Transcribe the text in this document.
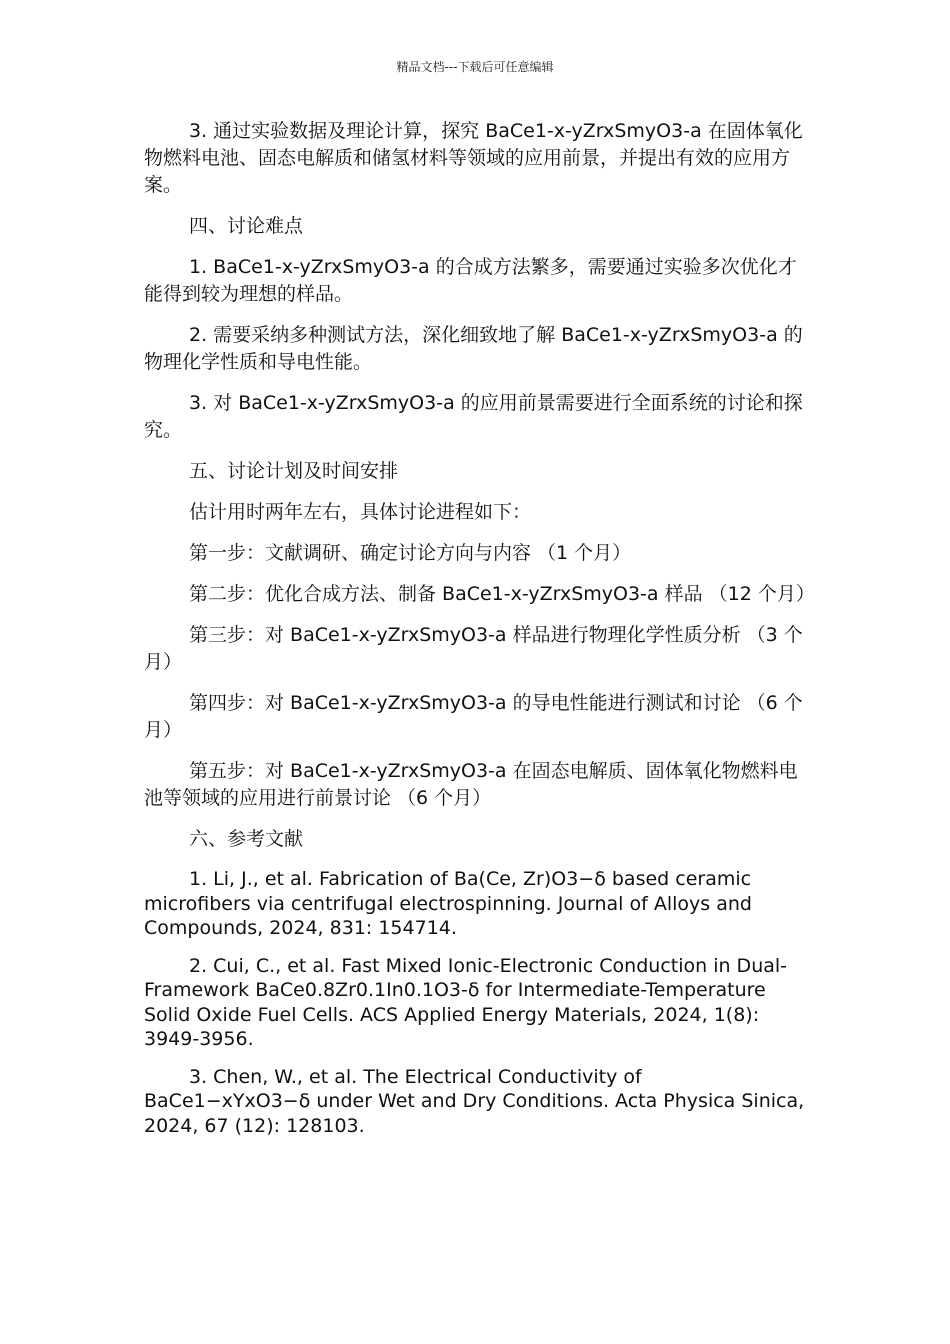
精品文档---下载后可任意编辑

3. 通过实验数据及理论计算，探究 BaCe1-x-yZrxSmyO3-a 在固体氧化物燃料电池、固态电解质和储氢材料等领域的应用前景，并提出有效的应用方案。

四、讨论难点

1. BaCe1-x-yZrxSmyO3-a 的合成方法繁多，需要通过实验多次优化才能得到较为理想的样品。

2. 需要采纳多种测试方法，深化细致地了解 BaCe1-x-yZrxSmyO3-a 的物理化学性质和导电性能。

3. 对 BaCe1-x-yZrxSmyO3-a 的应用前景需要进行全面系统的讨论和探究。

五、讨论计划及时间安排

估计用时两年左右，具体讨论进程如下：

第一步：文献调研、确定讨论方向与内容 （1 个月）

第二步：优化合成方法、制备 BaCe1-x-yZrxSmyO3-a 样品 （12 个月）

第三步：对 BaCe1-x-yZrxSmyO3-a 样品进行物理化学性质分析 （3 个月）

第四步：对 BaCe1-x-yZrxSmyO3-a 的导电性能进行测试和讨论 （6 个月）

第五步：对 BaCe1-x-yZrxSmyO3-a 在固态电解质、固体氧化物燃料电池等领域的应用进行前景讨论 （6 个月）

六、参考文献

1. Li, J., et al. Fabrication of Ba(Ce, Zr)O3−δ based ceramic microfibers via centrifugal electrospinning. Journal of Alloys and Compounds, 2024, 831: 154714.

2. Cui, C., et al. Fast Mixed Ionic-Electronic Conduction in Dual-Framework BaCe0.8Zr0.1In0.1O3-δ for Intermediate-Temperature Solid Oxide Fuel Cells. ACS Applied Energy Materials, 2024, 1(8): 3949-3956.

3. Chen, W., et al. The Electrical Conductivity of BaCe1−xYxO3−δ under Wet and Dry Conditions. Acta Physica Sinica, 2024, 67 (12): 128103.
